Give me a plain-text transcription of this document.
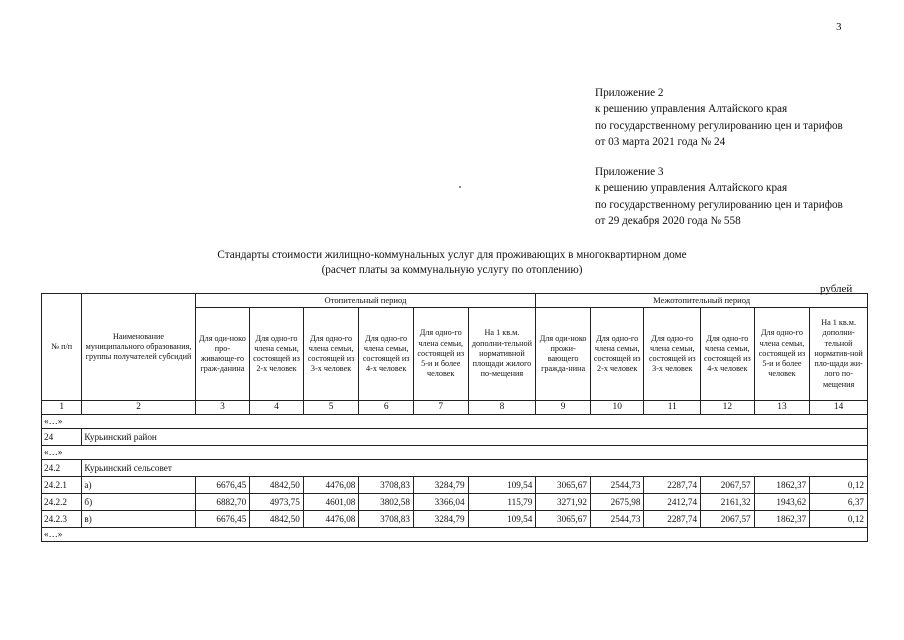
3
Приложение 2
к решению управления Алтайского края
по государственному регулированию цен и тарифов
от 03 марта 2021 года № 24
Приложение 3
к решению управления Алтайского края
по государственному регулированию цен и тарифов
от 29 декабря 2020 года № 558
Стандарты стоимости жилищно-коммунальных услуг для проживающих в многоквартирном доме
(расчет платы за коммунальную услугу по отоплению)
рублей
№ п/п	Наименование муниципального образования, группы получателей субсидий	Отопительный период						Межотопительный период					
		Для оди-ноко про-живающе-го граж-данина	Для одно-го члена семьи, состоящей из 2-х человек	Для одно-го члена семьи, состоящей из 3-х человек	Для одно-го члена семьи, состоящей из 4-х человек	Для одно-го члена семьи, состоящей из 5-и и более человек	На 1 кв.м. дополни-тельной нормативной площади жилого по-мещения	Для оди-ноко прожи-вающего гражда-нина	Для одно-го члена семьи, состоящей из 2-х человек	Для одно-го члена семьи, состоящей из 3-х человек	Для одно-го члена семьи, состоящей из 4-х человек	Для одно-го члена семьи, состоящей из 5-и и более человек	На 1 кв.м. дополни-тельной норматив-ной пло-щади жи-лого по-мещения
1	2	3	4	5	6	7	8	9	10	11	12	13	14
«…»													
24	Курьинский район												
«…»													
24.2	Курьинский сельсовет												
24.2.1	а)	6676,45	4842,50	4476,08	3708,83	3284,79	109,54	3065,67	2544,73	2287,74	2067,57	1862,37	0,12
24.2.2	б)	6882,70	4973,75	4601,08	3802,58	3366,04	115,79	3271,92	2675,98	2412,74	2161,32	1943,62	6,37
24.2.3	в)	6676,45	4842,50	4476,08	3708,83	3284,79	109,54	3065,67	2544,73	2287,74	2067,57	1862,37	0,12
«…»													
